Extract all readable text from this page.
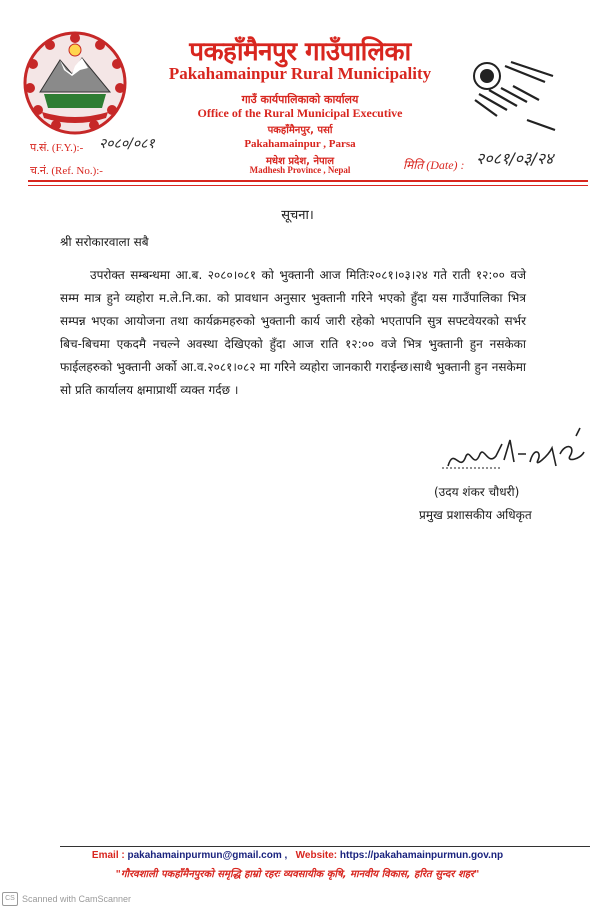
पकहाँमैनपुर गाउँपालिका

Pakahamainpur Rural Municipality

गाउँ कार्यपालिकाको कार्यालय

Office of the Rural Municipal Executive

पकहाँमैनपुर, पर्सा

Pakahamainpur , Parsa

मधेश प्रदेश, नेपाल

Madhesh Province , Nepal

प.सं. (F.Y.):- २०८०/०८१
च.नं. (Ref. No.):-	मिति (Date) : २०८१/०३/२४
सूचना।
श्री सरोकारवाला सबै
उपरोक्त सम्बन्धमा आ.ब. २०८०।०८१ को भुक्तानी आज मितिः२०८१।०३।२४ गते राती १२:०० वजे सम्म मात्र हुने व्यहोरा म.ले.नि.का. को प्रावधान अनुसार भुक्तानी गरिने भएको हुँदा यस गाउँपालिका भित्र सम्पन्न भएका आयोजना तथा कार्यक्रमहरुको भुक्तानी कार्य जारी रहेको भएतापनि सुत्र सफ्टवेयरको सर्भर बिच-बिचमा एकदमै नचल्ने अवस्था देखिएको हुँदा आज राति १२:०० वजे भित्र भुक्तानी हुन नसकेका फाईलहरुको भुक्तानी अर्को आ.व.२०८१।०८२ मा गरिने व्यहोरा जानकारी गराईन्छ।साथै भुक्तानी हुन नसकेमा सो प्रति कार्यालय क्षमाप्रार्थी व्यक्त गर्दछ ।
(उदय शंकर चौधरी)
प्रमुख प्रशासकीय अधिकृत
Email : pakahamainpurmun@gmail.com , Website: https://pakahamainpurmun.gov.np
"गौरवशाली पकहाँमैनपुरको समृद्धि हाम्रो रहरः व्यवसायीक कृषि, मानवीय विकास, हरित सुन्दर शहर"
CS Scanned with CamScanner
